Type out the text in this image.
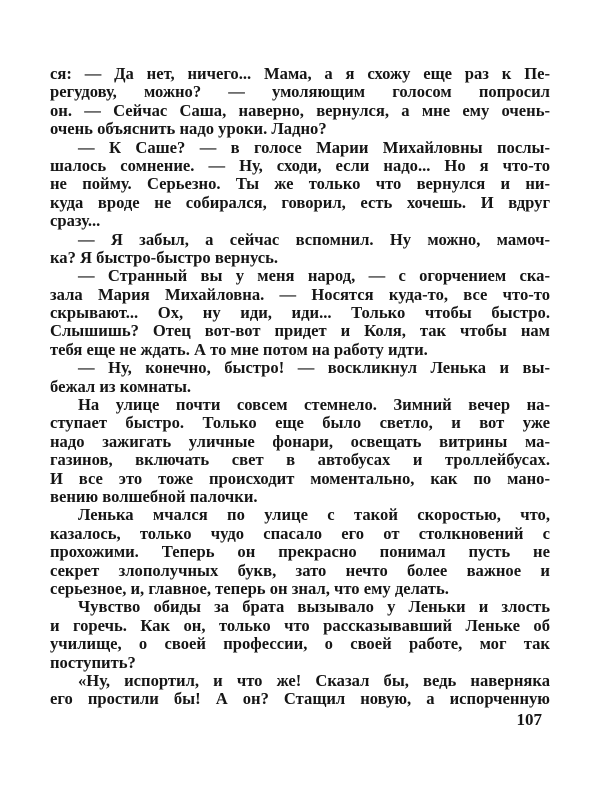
ся: — Да нет, ничего... Мама, а я схожу еще раз к Пе-
регудову, можно? — умоляющим голосом попросил
он. — Сейчас Саша, наверно, вернулся, а мне ему очень-
очень объяснить надо уроки. Ладно?
— К Саше? — в голосе Марии Михайловны послы-
шалось сомнение. — Ну, сходи, если надо... Но я что-то
не пойму. Серьезно. Ты же только что вернулся и ни-
куда вроде не собирался, говорил, есть хочешь. И вдруг
сразу...
— Я забыл, а сейчас вспомнил. Ну можно, мамоч-
ка? Я быстро-быстро вернусь.
— Странный вы у меня народ, — с огорчением ска-
зала Мария Михайловна. — Носятся куда-то, все что-то
скрывают... Ох, ну иди, иди... Только чтобы быстро.
Слышишь? Отец вот-вот придет и Коля, так чтобы нам
тебя еще не ждать. А то мне потом на работу идти.
— Ну, конечно, быстро! — воскликнул Ленька и вы-
бежал из комнаты.
На улице почти совсем стемнело. Зимний вечер на-
ступает быстро. Только еще было светло, и вот уже
надо зажигать уличные фонари, освещать витрины ма-
газинов, включать свет в автобусах и троллейбусах.
И все это тоже происходит моментально, как по мано-
вению волшебной палочки.
Ленька мчался по улице с такой скоростью, что,
казалось, только чудо спасало его от столкновений с
прохожими. Теперь он прекрасно понимал пусть не
секрет злополучных букв, зато нечто более важное и
серьезное, и, главное, теперь он знал, что ему делать.
Чувство обиды за брата вызывало у Леньки и злость
и горечь. Как он, только что рассказывавший Леньке об
училище, о своей профессии, о своей работе, мог так
поступить?
«Ну, испортил, и что же! Сказал бы, ведь наверняка
его простили бы! А он? Стащил новую, а испорченную
107
